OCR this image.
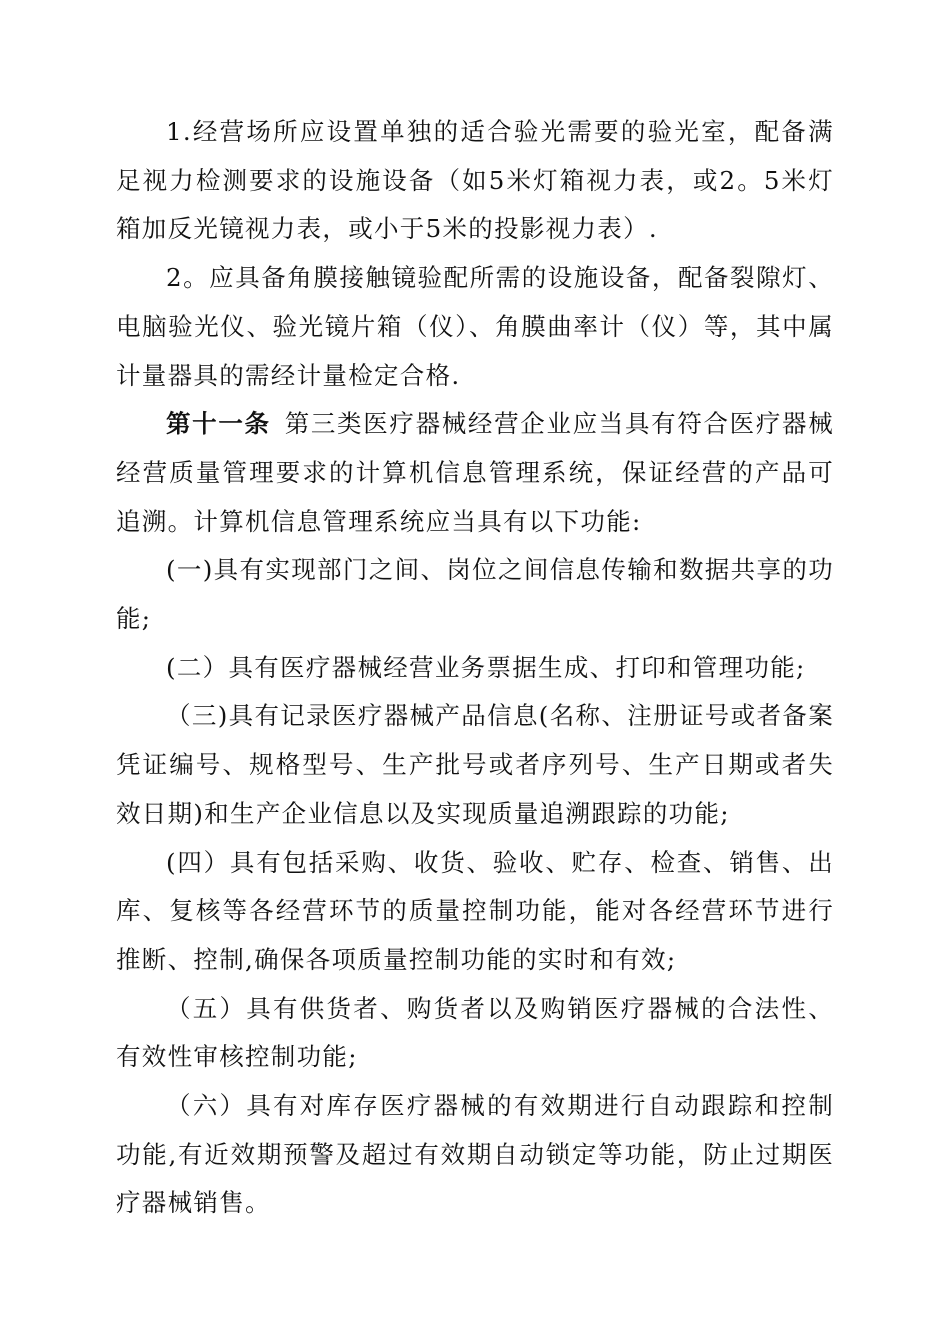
1.经营场所应设置单独的适合验光需要的验光室，配备满足视力检测要求的设施设备（如5米灯箱视力表，或2。5米灯箱加反光镜视力表，或小于5米的投影视力表）.

2。应具备角膜接触镜验配所需的设施设备，配备裂隙灯、电脑验光仪、验光镜片箱（仪）、角膜曲率计（仪）等，其中属计量器具的需经计量检定合格.

第十一条 第三类医疗器械经营企业应当具有符合医疗器械经营质量管理要求的计算机信息管理系统，保证经营的产品可追溯。计算机信息管理系统应当具有以下功能:

(一)具有实现部门之间、岗位之间信息传输和数据共享的功能;

(二）具有医疗器械经营业务票据生成、打印和管理功能;

（三)具有记录医疗器械产品信息(名称、注册证号或者备案凭证编号、规格型号、生产批号或者序列号、生产日期或者失效日期)和生产企业信息以及实现质量追溯跟踪的功能;

(四）具有包括采购、收货、验收、贮存、检查、销售、出库、复核等各经营环节的质量控制功能，能对各经营环节进行推断、控制,确保各项质量控制功能的实时和有效;

（五）具有供货者、购货者以及购销医疗器械的合法性、有效性审核控制功能;

（六）具有对库存医疗器械的有效期进行自动跟踪和控制功能,有近效期预警及超过有效期自动锁定等功能，防止过期医疗器械销售。
